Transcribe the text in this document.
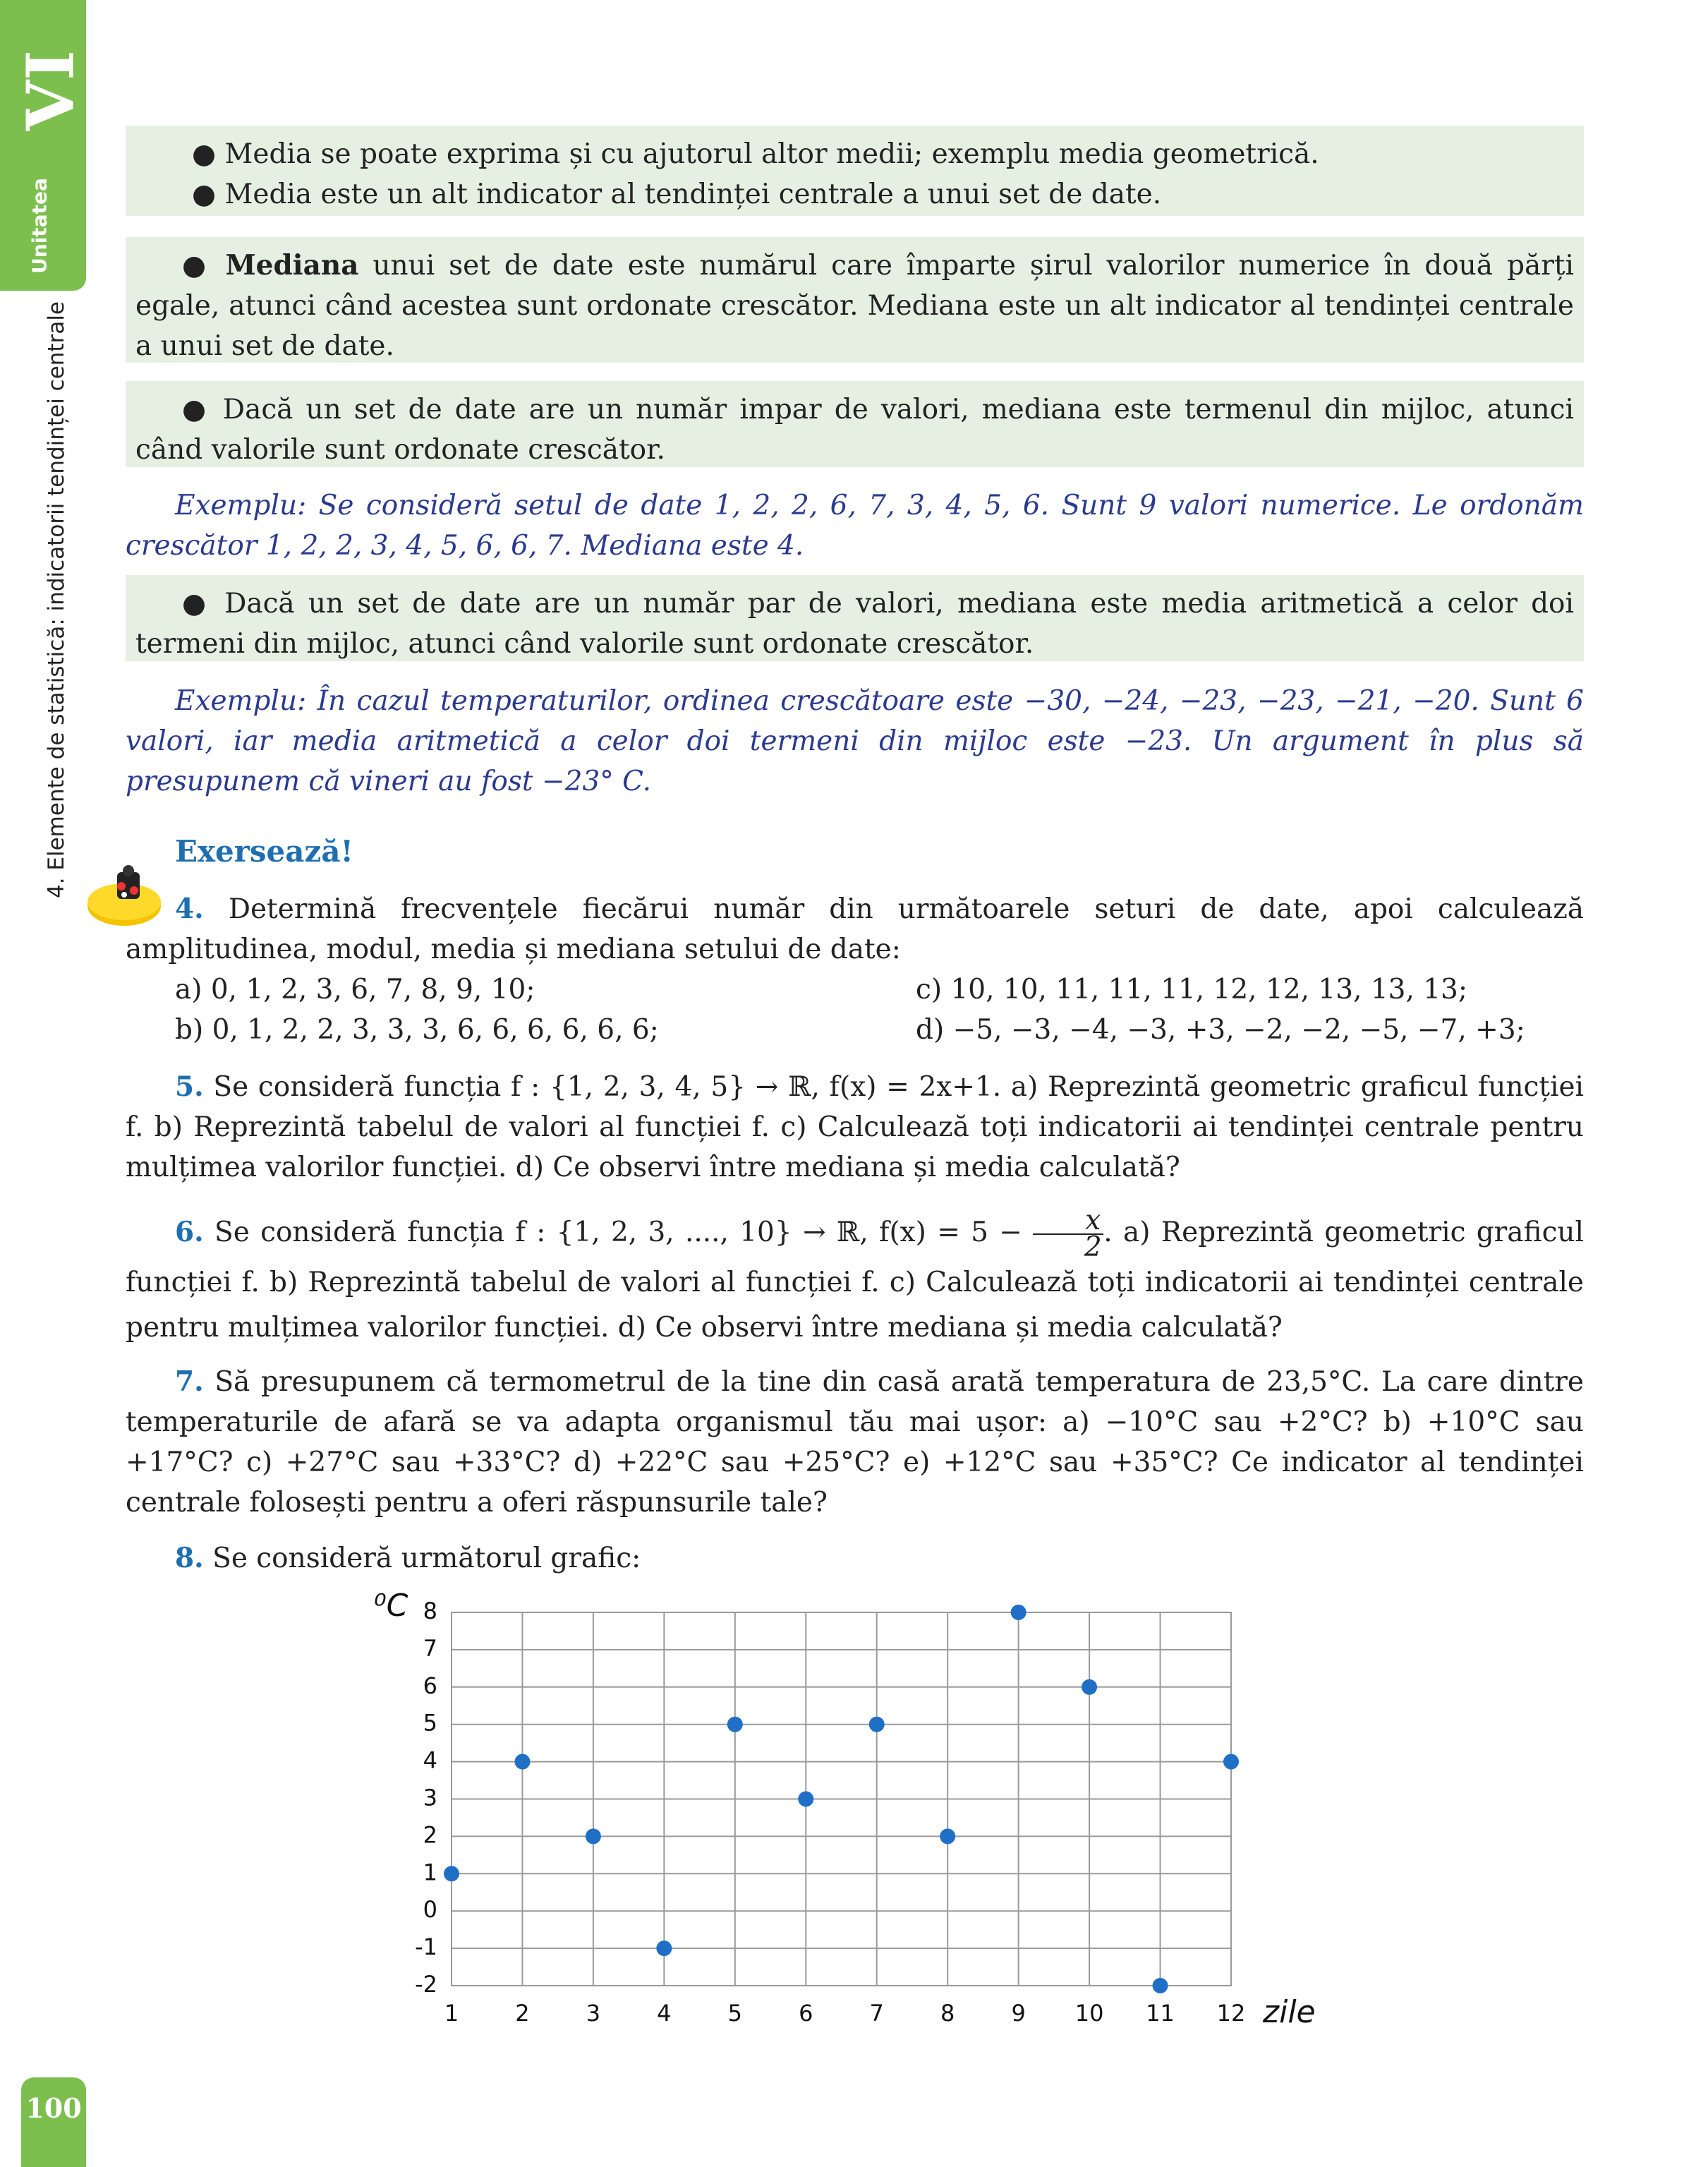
VI
Unitatea
4. Elemente de statistică: indicatorii tendinței centrale
100
● Media se poate exprima și cu ajutorul altor medii; exemplu media geometrică.
● Media este un alt indicator al tendinței centrale a unui set de date.
● Mediana unui set de date este numărul care împarte șirul valorilor numerice în două părți egale, atunci când acestea sunt ordonate crescător. Mediana este un alt indicator al tendinței centrale a unui set de date.
● Dacă un set de date are un număr impar de valori, mediana este termenul din mijloc, atunci când valorile sunt ordonate crescător.
Exemplu: Se consideră setul de date 1, 2, 2, 6, 7, 3, 4, 5, 6. Sunt 9 valori numerice. Le ordonăm crescător 1, 2, 2, 3, 4, 5, 6, 6, 7. Mediana este 4.
● Dacă un set de date are un număr par de valori, mediana este media aritmetică a celor doi termeni din mijloc, atunci când valorile sunt ordonate crescător.
Exemplu: În cazul temperaturilor, ordinea crescătoare este −30, −24, −23, −23, −21, −20. Sunt 6 valori, iar media aritmetică a celor doi termeni din mijloc este −23. Un argument în plus să presupunem că vineri au fost −23° C.
Exersează!
4. Determină frecvențele fiecărui număr din următoarele seturi de date, apoi calculează amplitudinea, modul, media și mediana setului de date:
a) 0, 1, 2, 3, 6, 7, 8, 9, 10;
b) 0, 1, 2, 2, 3, 3, 3, 6, 6, 6, 6, 6, 6;
c) 10, 10, 11, 11, 11, 12, 12, 13, 13, 13;
d) −5, −3, −4, −3, +3, −2, −2, −5, −7, +3;
5. Se consideră funcția f : {1, 2, 3, 4, 5} → ℝ, f(x) = 2x+1. a) Reprezintă geometric graficul funcției f. b) Reprezintă tabelul de valori al funcției f. c) Calculează toți indicatorii ai tendinței centrale pentru mulțimea valorilor funcției. d) Ce observi între mediana și media calculată?
6. Se consideră funcția f : {1, 2, 3, ...., 10} → ℝ, $f(x) = 5 - \frac{x}{2}$ . a) Reprezintă geometric graficul funcției f. b) Reprezintă tabelul de valori al funcției f. c) Calculează toți indicatorii ai tendinței centrale pentru mulțimea valorilor funcției. d) Ce observi între mediana și media calculată?
7. Să presupunem că termometrul de la tine din casă arată temperatura de 23,5°C. La care dintre temperaturile de afară se va adapta organismul tău mai ușor: a) −10°C sau +2°C? b) +10°C sau +17°C? c) +27°C sau +33°C? d) +22°C sau +25°C? e) +12°C sau +35°C? Ce indicator al tendinței centrale folosești pentru a oferi răspunsurile tale?
8. Se consideră următorul grafic:
8
7
6
5
4
3
2
1
0
-1
-2
1	2	3	4	5	6	7	8	9 10 11 12
⁰C
zile
